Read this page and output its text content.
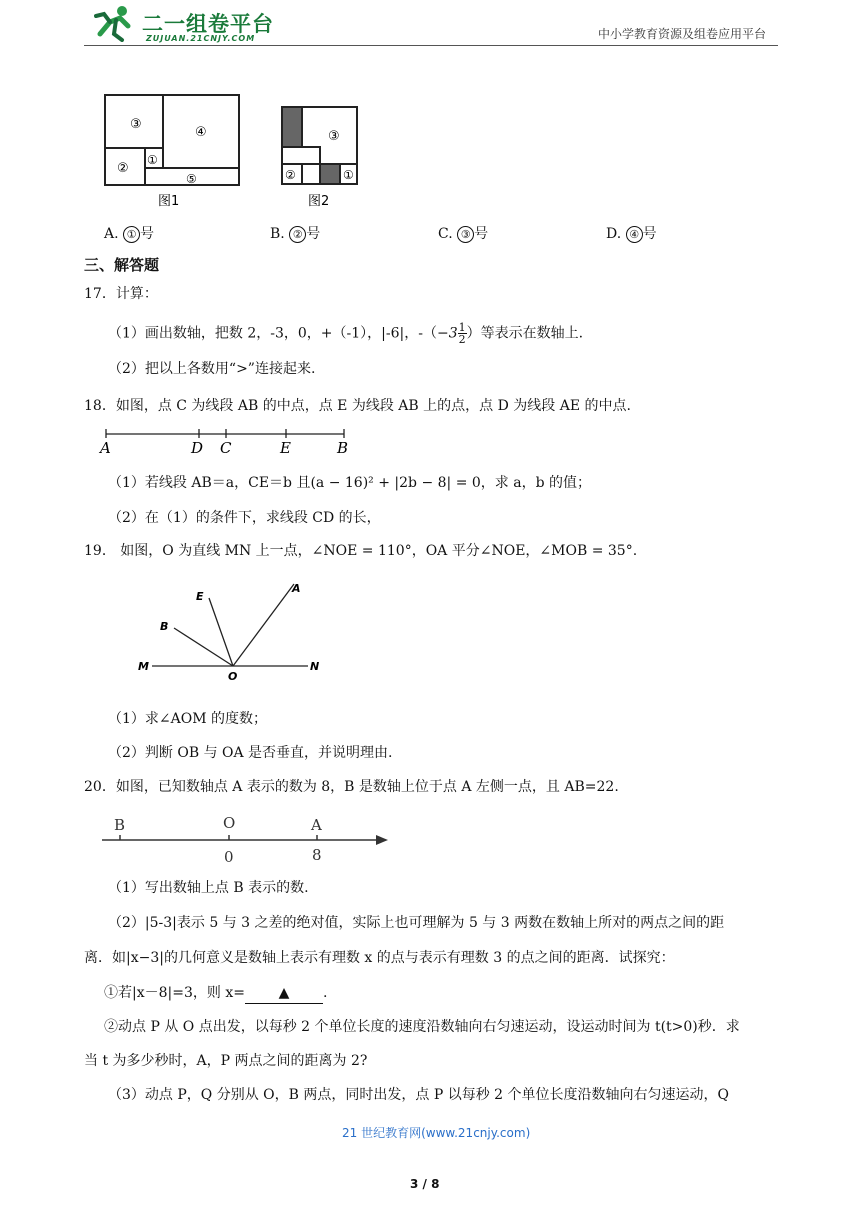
二一组卷平台
ZUJUAN.21CNJY.COM	中小学教育资源及组卷应用平台
③
④
②
①
⑤
图1
③
②	①
图2
A. ① 号	B. ② 号	C. ③ 号	D. ④ 号
三、解答题
17．计算：
（1）画出数轴，把数 2，-3，0，+（-1），|-6|，$-(-3 \frac{1}{2}$ ）等表示在数轴上.
（2）把以上各数用“>”连接起来.
18．如图，点 C 为线段 AB 的中点，点 E 为线段 AB 上的点，点 D 为线段 AE 的中点.
A	D C	E	B
（1）若线段 AB＝a，CE＝b 且(a − 16)² + |2b − 8| = 0，求 a，b 的值；
（2）在（1）的条件下，求线段 CD 的长，
19． 如图，O 为直线 MN 上一点，∠NOE = 110°，OA 平分∠NOE，∠MOB = 35°.
E
A
B
M
O
N
（1）求∠AOM 的度数；
（2）判断 OB 与 OA 是否垂直，并说明理由.
20．如图，已知数轴点 A 表示的数为 8，B 是数轴上位于点 A 左侧一点，且 AB=22.
B	O	A
0	8
（1）写出数轴上点 B 表示的数.
（2）|5-3|表示 5 与 3 之差的绝对值，实际上也可理解为 5 与 3 两数在数轴上所对的两点之间的距
离．如|x−3|的几何意义是数轴上表示有理数 x 的点与表示有理数 3 的点之间的距离．试探究：
①若|x－8|=3，则 x= ▲ .
②动点 P 从 O 点出发，以每秒 2 个单位长度的速度沿数轴向右匀速运动，设运动时间为 t(t>0)秒．求
当 t 为多少秒时，A，P 两点之间的距离为 2?
（3）动点 P，Q 分别从 O，B 两点，同时出发，点 P 以每秒 2 个单位长度沿数轴向右匀速运动，Q
21 世纪教育网(www.21cnjy.com)
3 / 8
